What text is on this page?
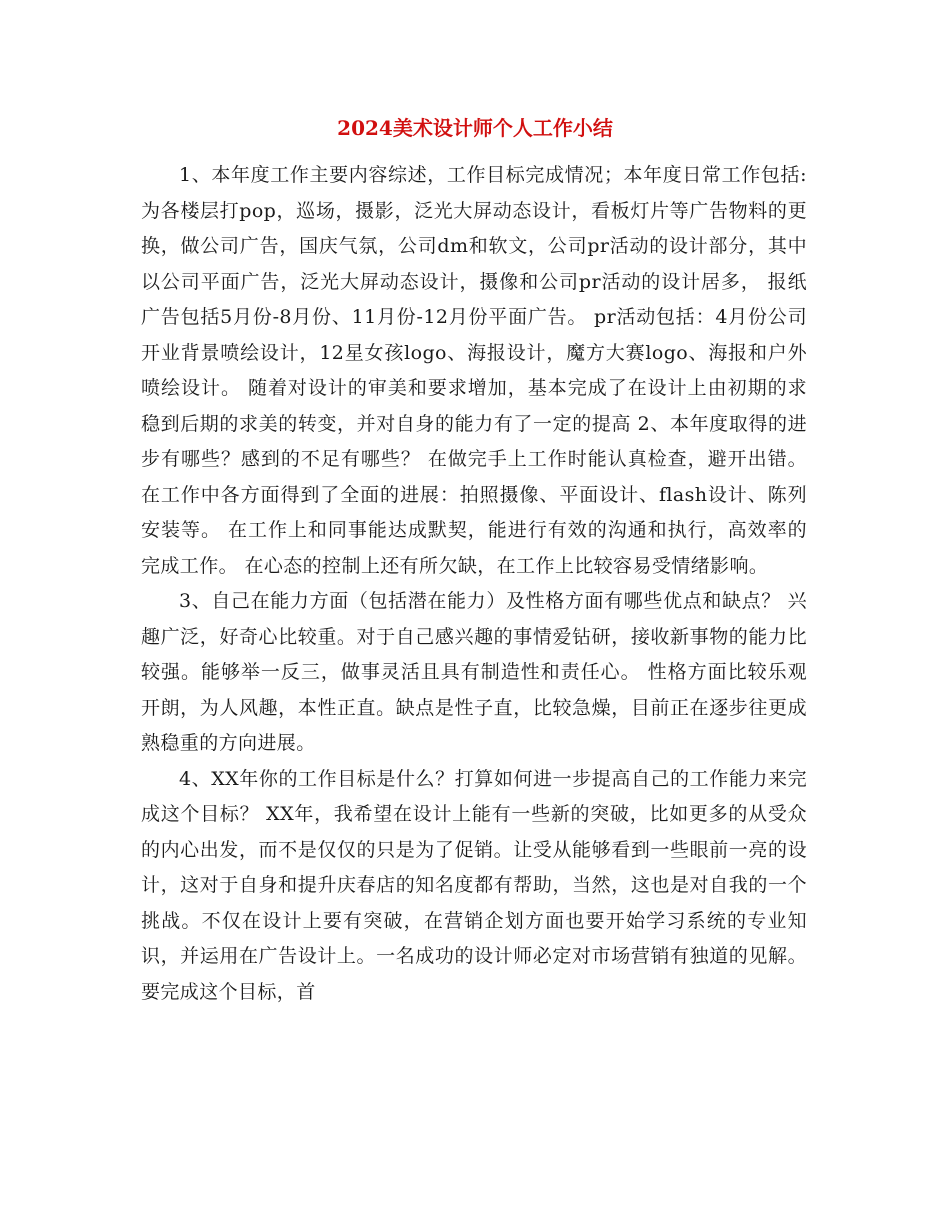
2024美术设计师个人工作小结

1、本年度工作主要内容综述，工作目标完成情况；本年度日常工作包括:为各楼层打pop，巡场，摄影，泛光大屏动态设计，看板灯片等广告物料的更换，做公司广告，国庆气氛，公司dm和软文，公司pr活动的设计部分，其中以公司平面广告，泛光大屏动态设计，摄像和公司pr活动的设计居多， 报纸广告包括5月份-8月份、11月份-12月份平面广告。 pr活动包括：4月份公司开业背景喷绘设计，12星女孩logo、海报设计，魔方大赛logo、海报和户外喷绘设计。 随着对设计的审美和要求增加，基本完成了在设计上由初期的求稳到后期的求美的转变，并对自身的能力有了一定的提高 2、本年度取得的进步有哪些？感到的不足有哪些？ 在做完手上工作时能认真检查，避开出错。 在工作中各方面得到了全面的进展：拍照摄像、平面设计、flash设计、陈列安装等。 在工作上和同事能达成默契，能进行有效的沟通和执行，高效率的完成工作。 在心态的控制上还有所欠缺，在工作上比较容易受情绪影响。

3、自己在能力方面（包括潜在能力）及性格方面有哪些优点和缺点？ 兴趣广泛，好奇心比较重。对于自己感兴趣的事情爱钻研，接收新事物的能力比较强。能够举一反三，做事灵活且具有制造性和责任心。 性格方面比较乐观开朗，为人风趣，本性正直。缺点是性子直，比较急燥，目前正在逐步往更成熟稳重的方向进展。

4、XX年你的工作目标是什么？打算如何进一步提高自己的工作能力来完成这个目标？ XX年，我希望在设计上能有一些新的突破，比如更多的从受众的内心出发，而不是仅仅的只是为了促销。让受从能够看到一些眼前一亮的设计，这对于自身和提升庆春店的知名度都有帮助，当然，这也是对自我的一个挑战。不仅在设计上要有突破，在营销企划方面也要开始学习系统的专业知识，并运用在广告设计上。一名成功的设计师必定对市场营销有独道的见解。 要完成这个目标，首
